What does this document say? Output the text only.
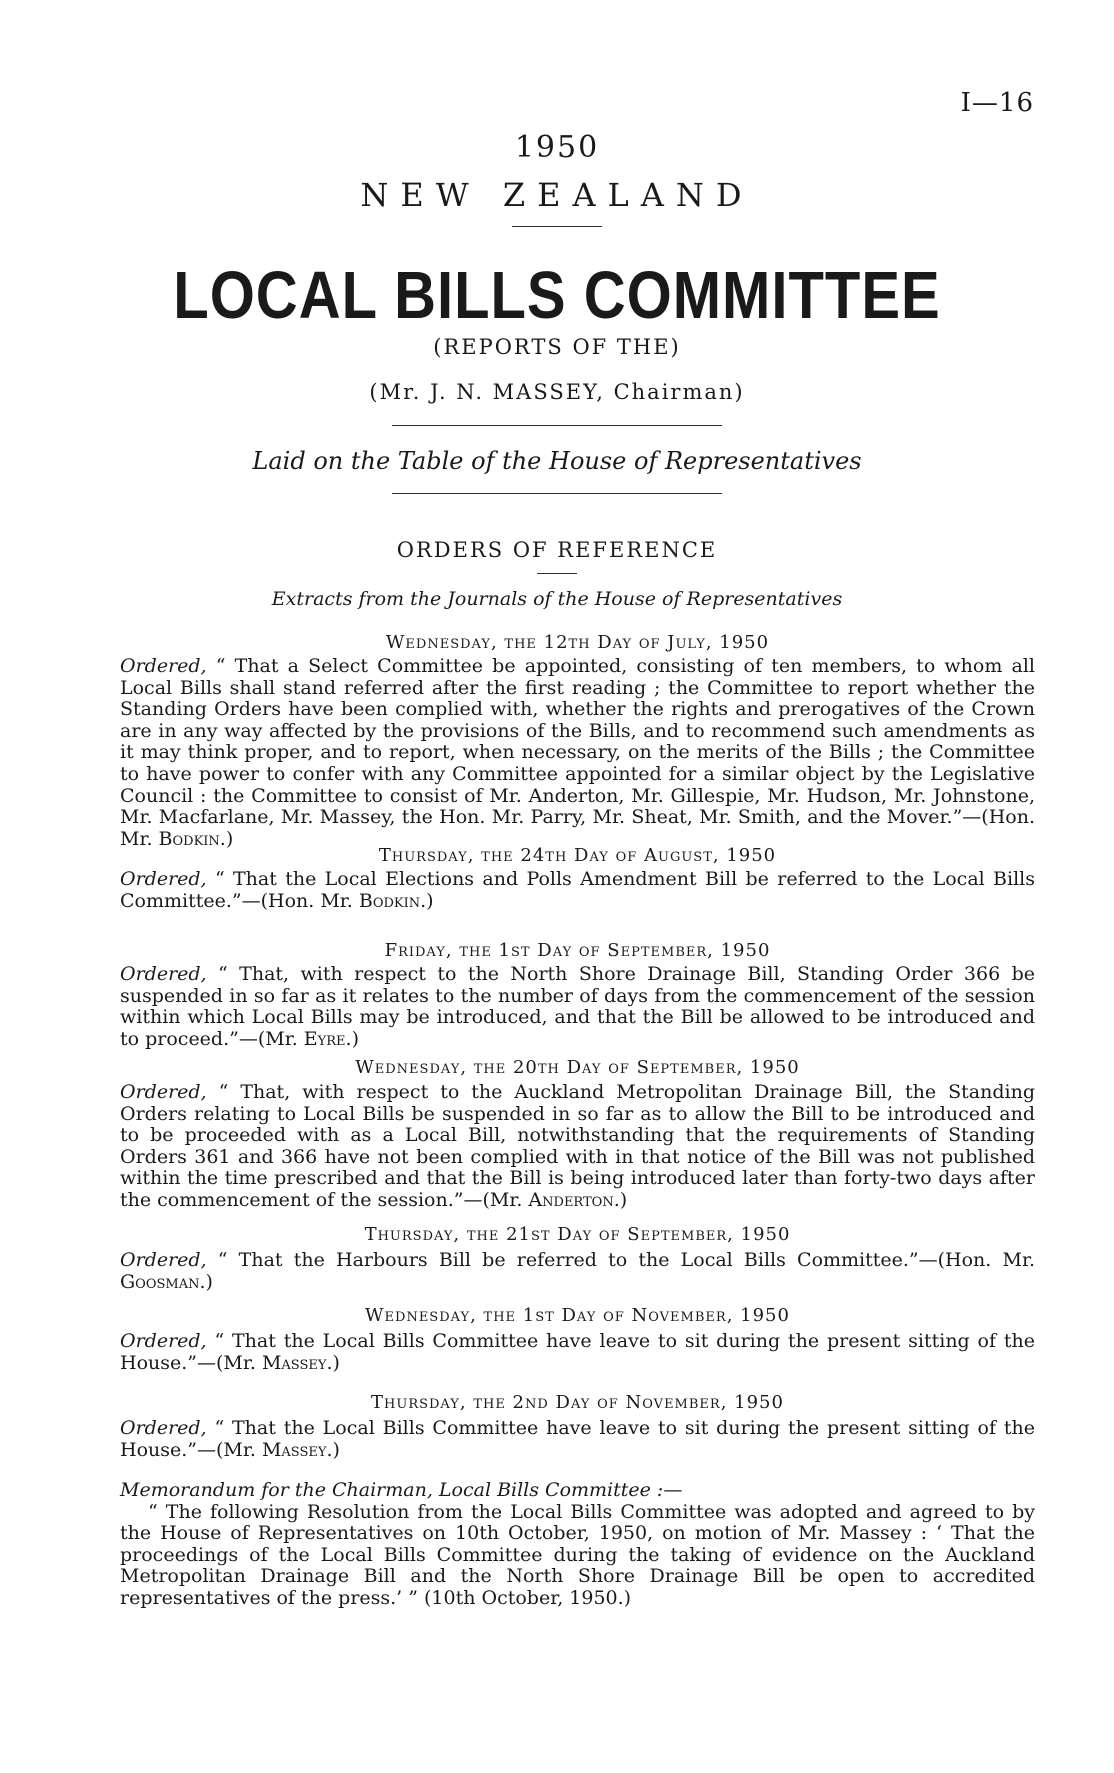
I—16
1950
NEW ZEALAND
LOCAL BILLS COMMITTEE
(REPORTS OF THE)
(Mr. J. N. MASSEY, Chairman)
Laid on the Table of the House of Representatives
ORDERS OF REFERENCE
Extracts from the Journals of the House of Representatives
Wednesday, the 12th Day of July, 1950

Ordered, “ That a Select Committee be appointed, consisting of ten members, to whom all Local Bills shall stand referred after the first reading ; the Committee to report whether the Standing Orders have been complied with, whether the rights and prerogatives of the Crown are in any way affected by the provisions of the Bills, and to recommend such amendments as it may think proper, and to report, when necessary, on the merits of the Bills ; the Committee to have power to confer with any Committee appointed for a similar object by the Legislative Council : the Committee to consist of Mr. Anderton, Mr. Gillespie, Mr. Hudson, Mr. Johnstone, Mr. Macfarlane, Mr. Massey, the Hon. Mr. Parry, Mr. Sheat, Mr. Smith, and the Mover.”—(Hon. Mr. Bodkin.)

Thursday, the 24th Day of August, 1950

Ordered, “ That the Local Elections and Polls Amendment Bill be referred to the Local Bills Committee.”—(Hon. Mr. Bodkin.)

Friday, the 1st Day of September, 1950

Ordered, “ That, with respect to the North Shore Drainage Bill, Standing Order 366 be suspended in so far as it relates to the number of days from the commencement of the session within which Local Bills may be introduced, and that the Bill be allowed to be introduced and to proceed.”—(Mr. Eyre.)

Wednesday, the 20th Day of September, 1950

Ordered, “ That, with respect to the Auckland Metropolitan Drainage Bill, the Standing Orders relating to Local Bills be suspended in so far as to allow the Bill to be introduced and to be proceeded with as a Local Bill, notwithstanding that the requirements of Standing Orders 361 and 366 have not been complied with in that notice of the Bill was not published within the time prescribed and that the Bill is being introduced later than forty-two days after the commencement of the session.”—(Mr. Anderton.)

Thursday, the 21st Day of September, 1950

Ordered, “ That the Harbours Bill be referred to the Local Bills Committee.”—(Hon. Mr. Goosman.)

Wednesday, the 1st Day of November, 1950

Ordered, “ That the Local Bills Committee have leave to sit during the present sitting of the House.”—(Mr. Massey.)

Thursday, the 2nd Day of November, 1950

Ordered, “ That the Local Bills Committee have leave to sit during the present sitting of the House.”—(Mr. Massey.)

Memorandum for the Chairman, Local Bills Committee :—

“ The following Resolution from the Local Bills Committee was adopted and agreed to by the House of Representatives on 10th October, 1950, on motion of Mr. Massey : ‘ That the proceedings of the Local Bills Committee during the taking of evidence on the Auckland Metropolitan Drainage Bill and the North Shore Drainage Bill be open to accredited representatives of the press.’ ” (10th October, 1950.)
